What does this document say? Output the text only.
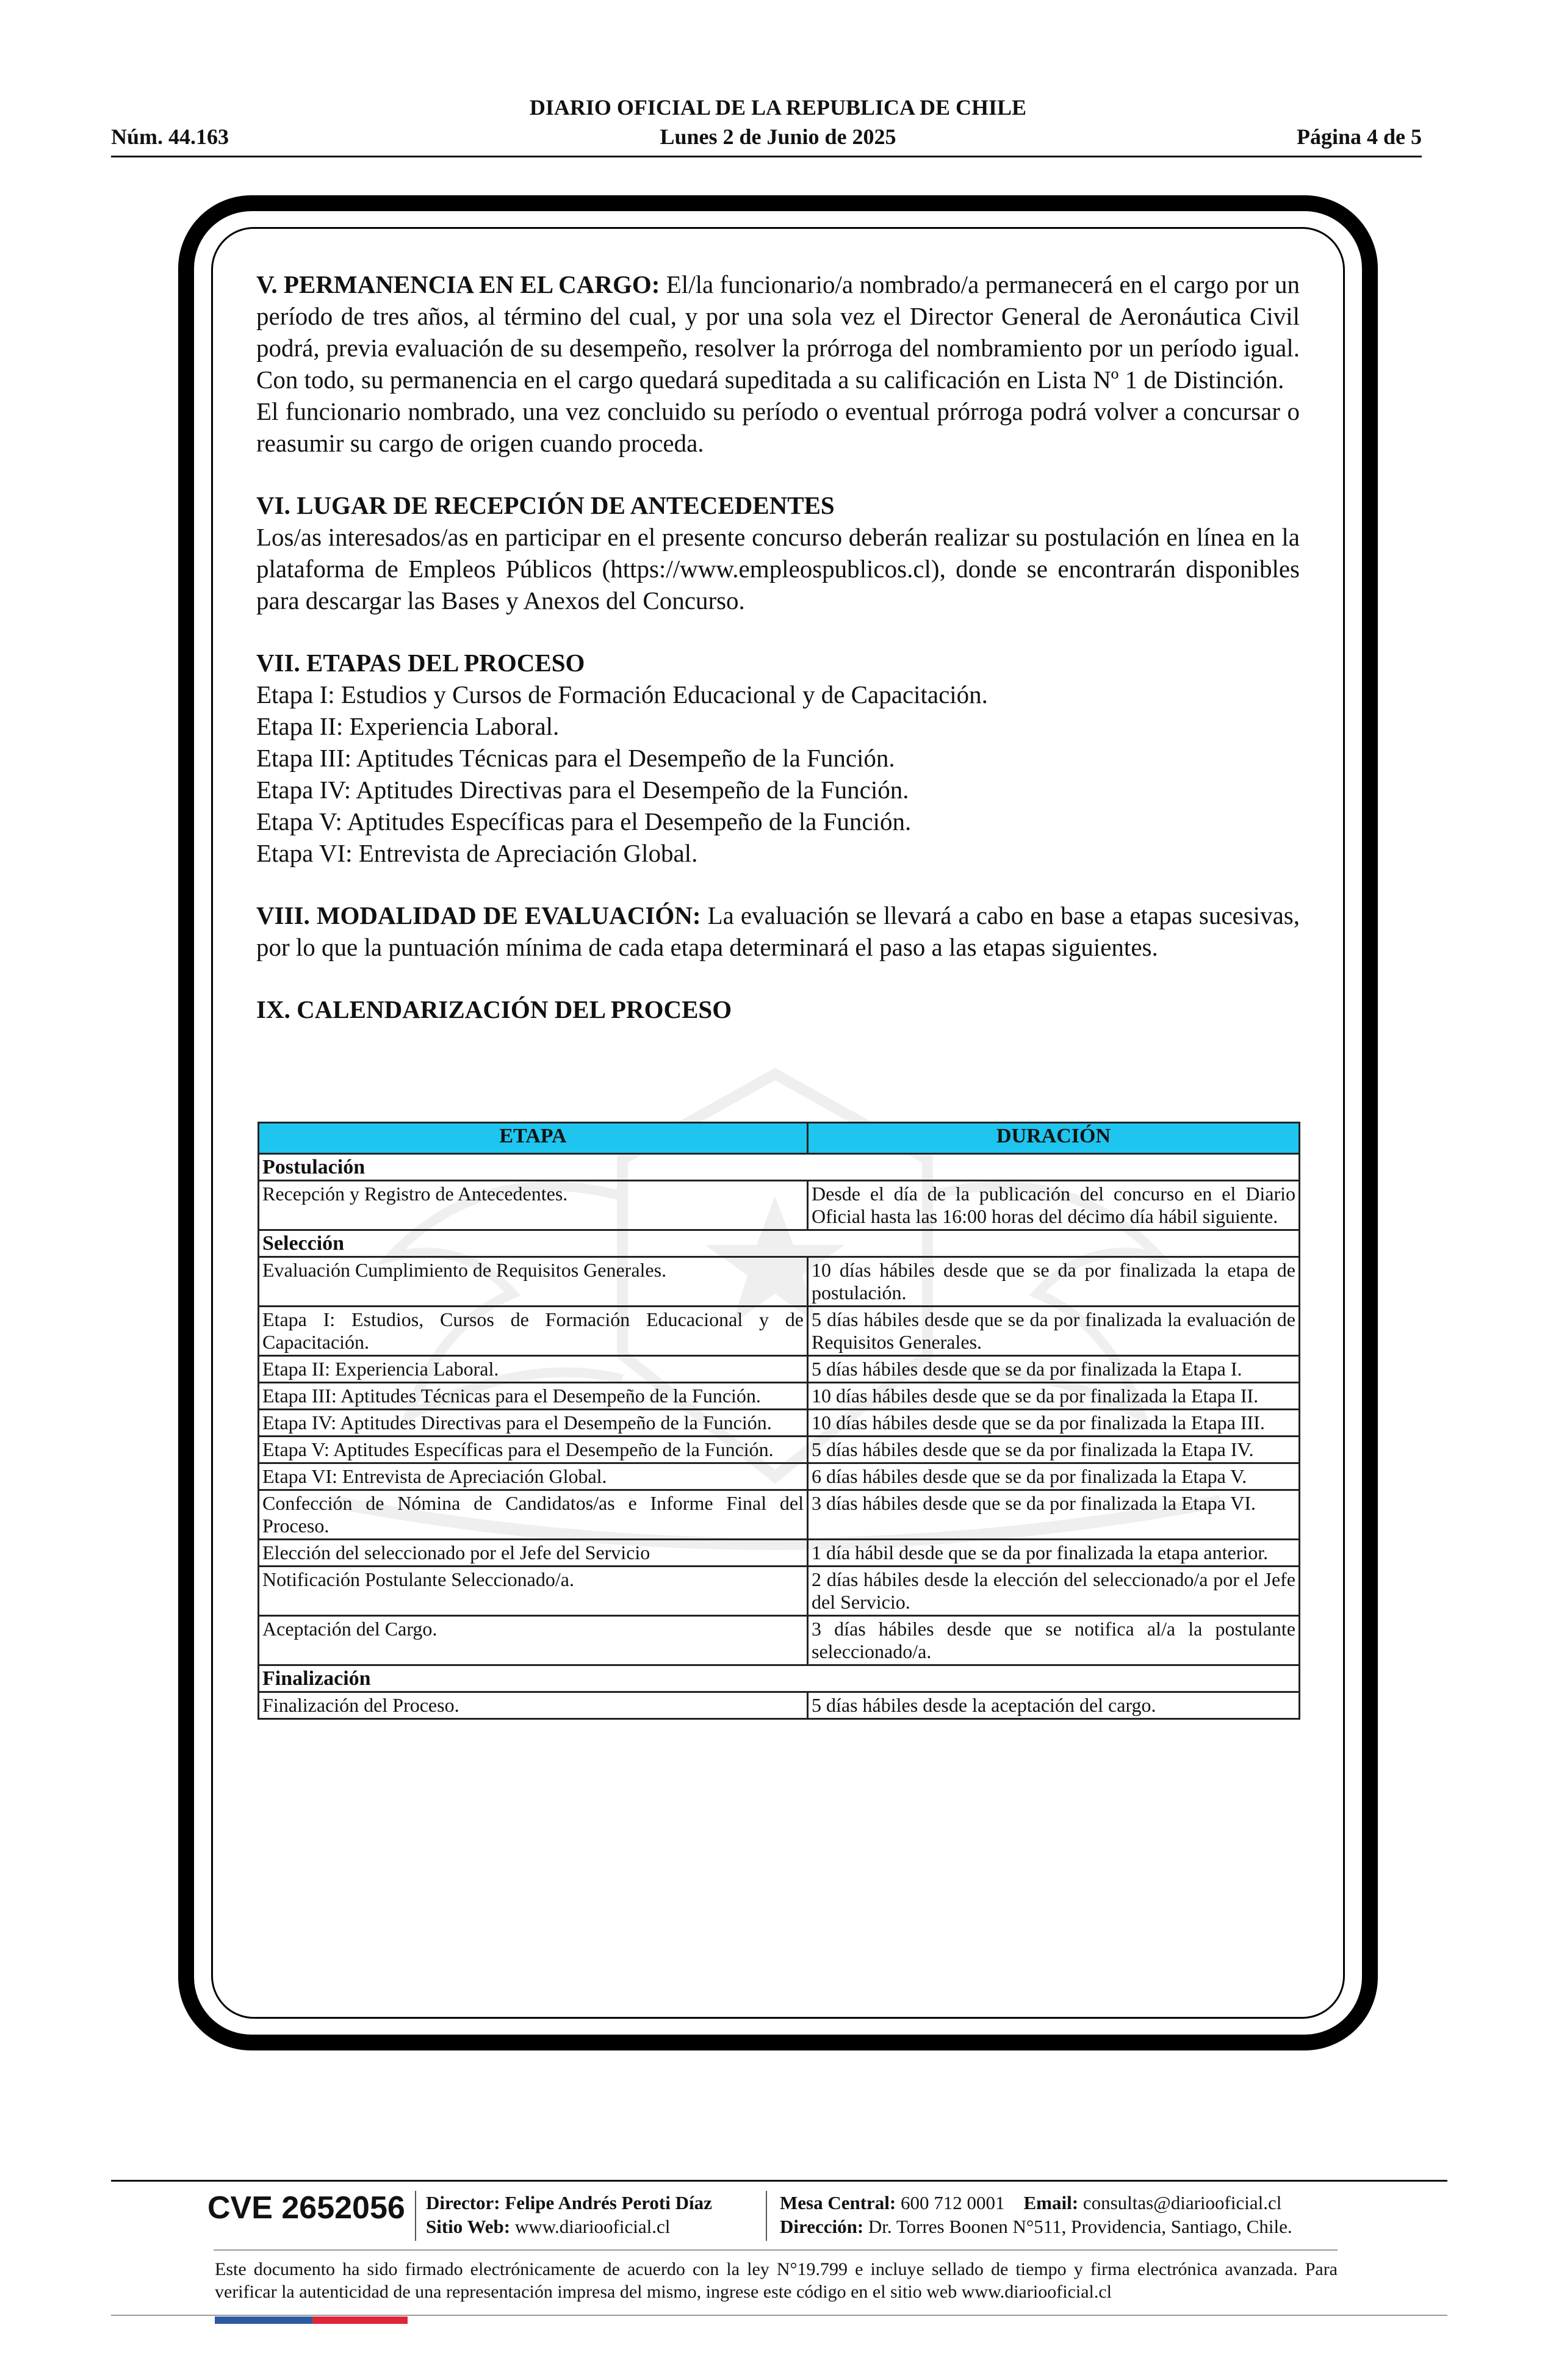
DIARIO OFICIAL DE LA REPUBLICA DE CHILE
Lunes 2 de Junio de 2025
Núm. 44.163	Página 4 de 5

V. PERMANENCIA EN EL CARGO: El/la funcionario/a nombrado/a permanecerá en el cargo por un período de tres años, al término del cual, y por una sola vez el Director General de Aeronáutica Civil podrá, previa evaluación de su desempeño, resolver la prórroga del nombramiento por un período igual. Con todo, su permanencia en el cargo quedará supeditada a su calificación en Lista Nº 1 de Distinción.

El funcionario nombrado, una vez concluido su período o eventual prórroga podrá volver a concursar o reasumir su cargo de origen cuando proceda.

VI. LUGAR DE RECEPCIÓN DE ANTECEDENTES

Los/as interesados/as en participar en el presente concurso deberán realizar su postulación en línea en la plataforma de Empleos Públicos (https://www.empleospublicos.cl), donde se encontrarán disponibles para descargar las Bases y Anexos del Concurso.

VII. ETAPAS DEL PROCESO

Etapa I: Estudios y Cursos de Formación Educacional y de Capacitación.

Etapa II: Experiencia Laboral.

Etapa III: Aptitudes Técnicas para el Desempeño de la Función.

Etapa IV: Aptitudes Directivas para el Desempeño de la Función.

Etapa V: Aptitudes Específicas para el Desempeño de la Función.

Etapa VI: Entrevista de Apreciación Global.

VIII. MODALIDAD DE EVALUACIÓN: La evaluación se llevará a cabo en base a etapas sucesivas, por lo que la puntuación mínima de cada etapa determinará el paso a las etapas siguientes.

IX. CALENDARIZACIÓN DEL PROCESO

ETAPA	DURACIÓN
Postulación	
Recepción y Registro de Antecedentes.	Desde el día de la publicación del concurso en el Diario Oficial hasta las 16:00 horas del décimo día hábil siguiente.
Selección	
Evaluación Cumplimiento de Requisitos Generales.	10 días hábiles desde que se da por finalizada la etapa de postulación.
Etapa I: Estudios, Cursos de Formación Educacional y de Capacitación.	5 días hábiles desde que se da por finalizada la evaluación de Requisitos Generales.
Etapa II: Experiencia Laboral.	5 días hábiles desde que se da por finalizada la Etapa I.
Etapa III: Aptitudes Técnicas para el Desempeño de la Función.	10 días hábiles desde que se da por finalizada la Etapa II.
Etapa IV: Aptitudes Directivas para el Desempeño de la Función.	10 días hábiles desde que se da por finalizada la Etapa III.
Etapa V: Aptitudes Específicas para el Desempeño de la Función.	5 días hábiles desde que se da por finalizada la Etapa IV.
Etapa VI: Entrevista de Apreciación Global.	6 días hábiles desde que se da por finalizada la Etapa V.
Confección de Nómina de Candidatos/as e Informe Final del Proceso.	3 días hábiles desde que se da por finalizada la Etapa VI.
Elección del seleccionado por el Jefe del Servicio	1 día hábil desde que se da por finalizada la etapa anterior.
Notificación Postulante Seleccionado/a.	2 días hábiles desde la elección del seleccionado/a por el Jefe del Servicio.
Aceptación del Cargo.	3 días hábiles desde que se notifica al/a la postulante seleccionado/a.
Finalización	
Finalización del Proceso.	5 días hábiles desde la aceptación del cargo.
CVE 2652056 Director: Felipe Andrés Peroti Díaz
Sitio Web: www.diariooficial.cl
Mesa Central: 600 712 0001 Email: consultas@diariooficial.cl
Dirección: Dr. Torres Boonen N°511, Providencia, Santiago, Chile.
Este documento ha sido firmado electrónicamente de acuerdo con la ley N°19.799 e incluye sellado de tiempo y firma electrónica avanzada. Para verificar la autenticidad de una representación impresa del mismo, ingrese este código en el sitio web www.diariooficial.cl
